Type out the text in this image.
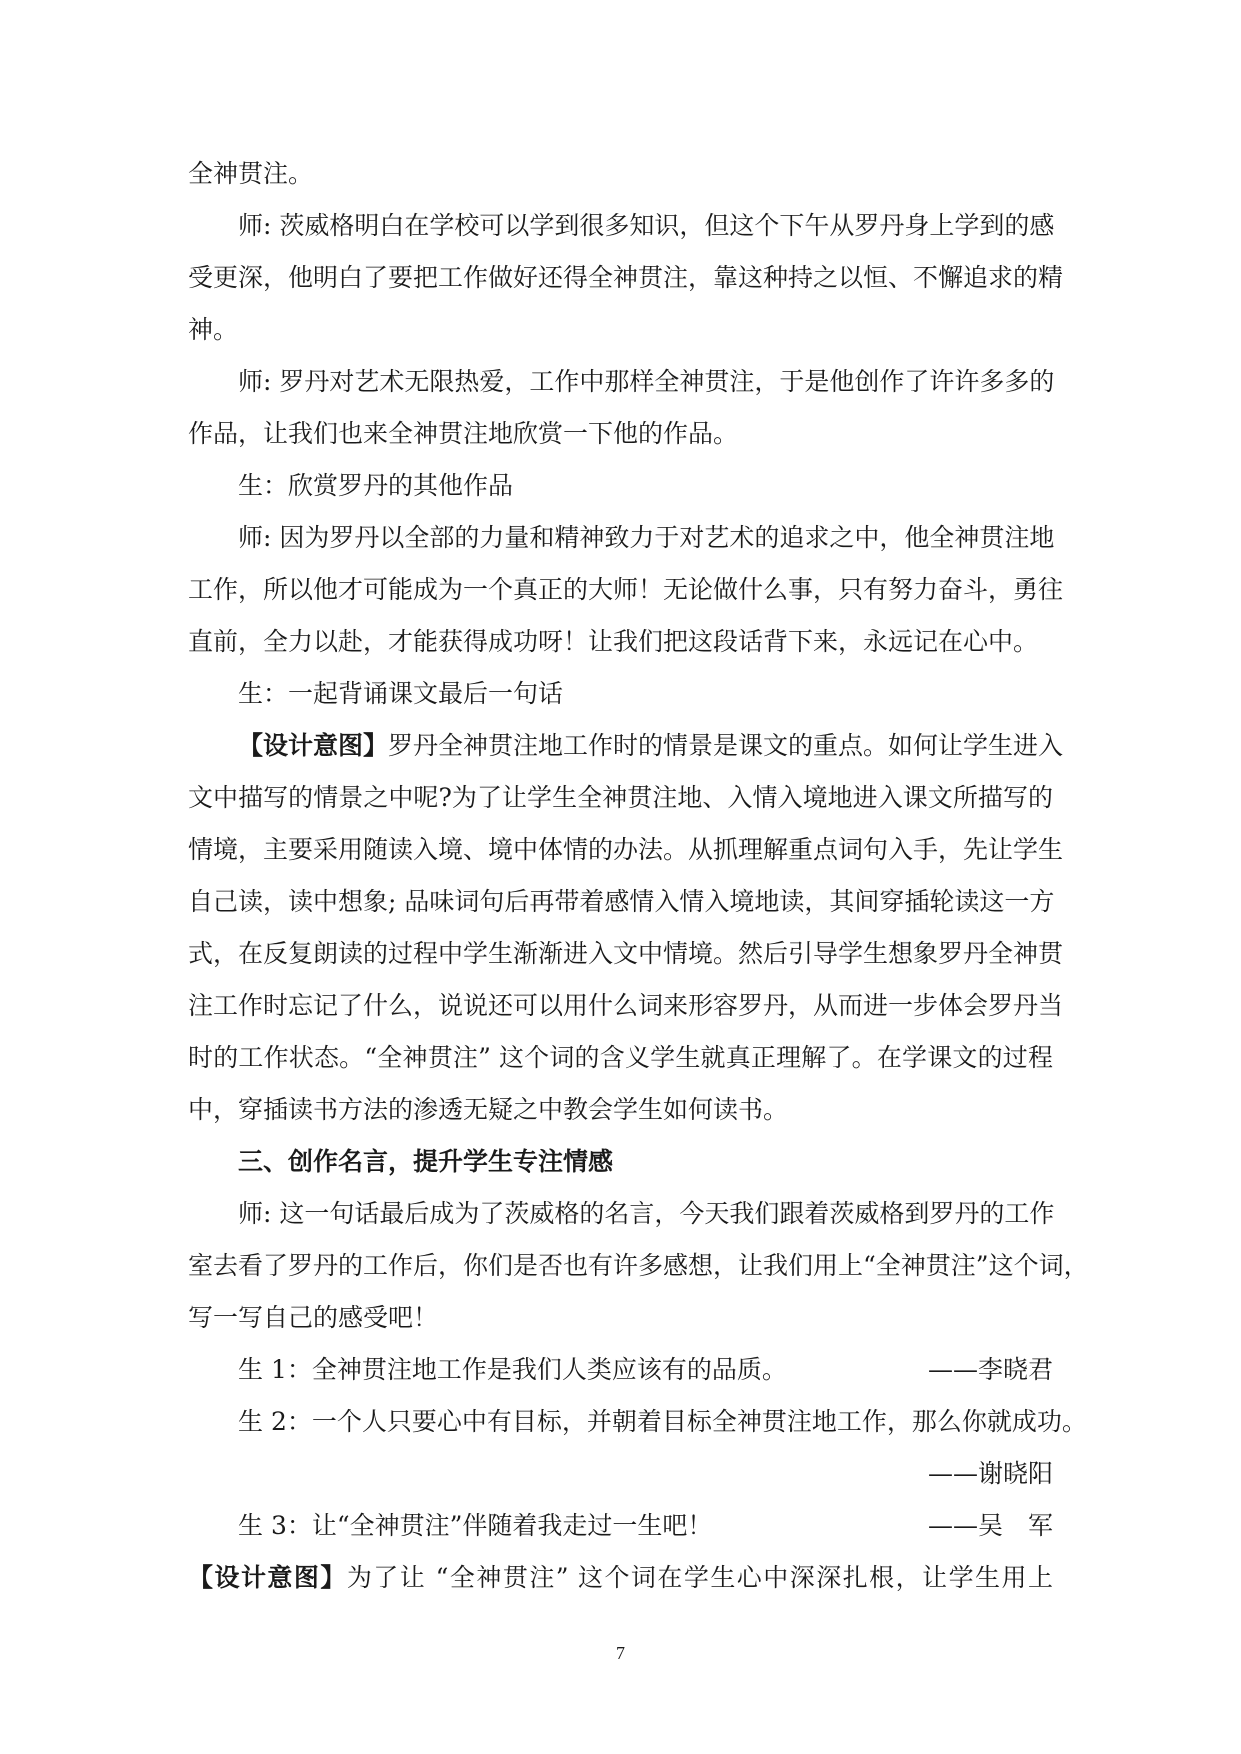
全神贯注。
师: 茨威格明白在学校可以学到很多知识，但这个下午从罗丹身上学到的感
受更深，他明白了要把工作做好还得全神贯注，靠这种持之以恒、不懈追求的精
神。
师: 罗丹对艺术无限热爱，工作中那样全神贯注，于是他创作了许许多多的
作品，让我们也来全神贯注地欣赏一下他的作品。
生：欣赏罗丹的其他作品
师: 因为罗丹以全部的力量和精神致力于对艺术的追求之中，他全神贯注地
工作，所以他才可能成为一个真正的大师！无论做什么事，只有努力奋斗，勇往
直前，全力以赴，才能获得成功呀！让我们把这段话背下来，永远记在心中。
生：一起背诵课文最后一句话
【设计意图】罗丹全神贯注地工作时的情景是课文的重点。如何让学生进入
文中描写的情景之中呢?为了让学生全神贯注地、入情入境地进入课文所描写的
情境，主要采用随读入境、境中体情的办法。从抓理解重点词句入手，先让学生
自己读，读中想象; 品味词句后再带着感情入情入境地读，其间穿插轮读这一方
式，在反复朗读的过程中学生渐渐进入文中情境。然后引导学生想象罗丹全神贯
注工作时忘记了什么，说说还可以用什么词来形容罗丹，从而进一步体会罗丹当
时的工作状态。“全神贯注” 这个词的含义学生就真正理解了。在学课文的过程
中，穿插读书方法的渗透无疑之中教会学生如何读书。
三、创作名言，提升学生专注情感
师: 这一句话最后成为了茨威格的名言，今天我们跟着茨威格到罗丹的工作
室去看了罗丹的工作后，你们是否也有许多感想，让我们用上“全神贯注”这个词，
写一写自己的感受吧！
生 1：全神贯注地工作是我们人类应该有的品质。	——李晓君
生 2：一个人只要心中有目标，并朝着目标全神贯注地工作，那么你就成功。
——谢晓阳
生 3：让“全神贯注”伴随着我走过一生吧！	——吴　军
【设计意图】为了让 “全神贯注” 这个词在学生心中深深扎根，让学生用上
7
